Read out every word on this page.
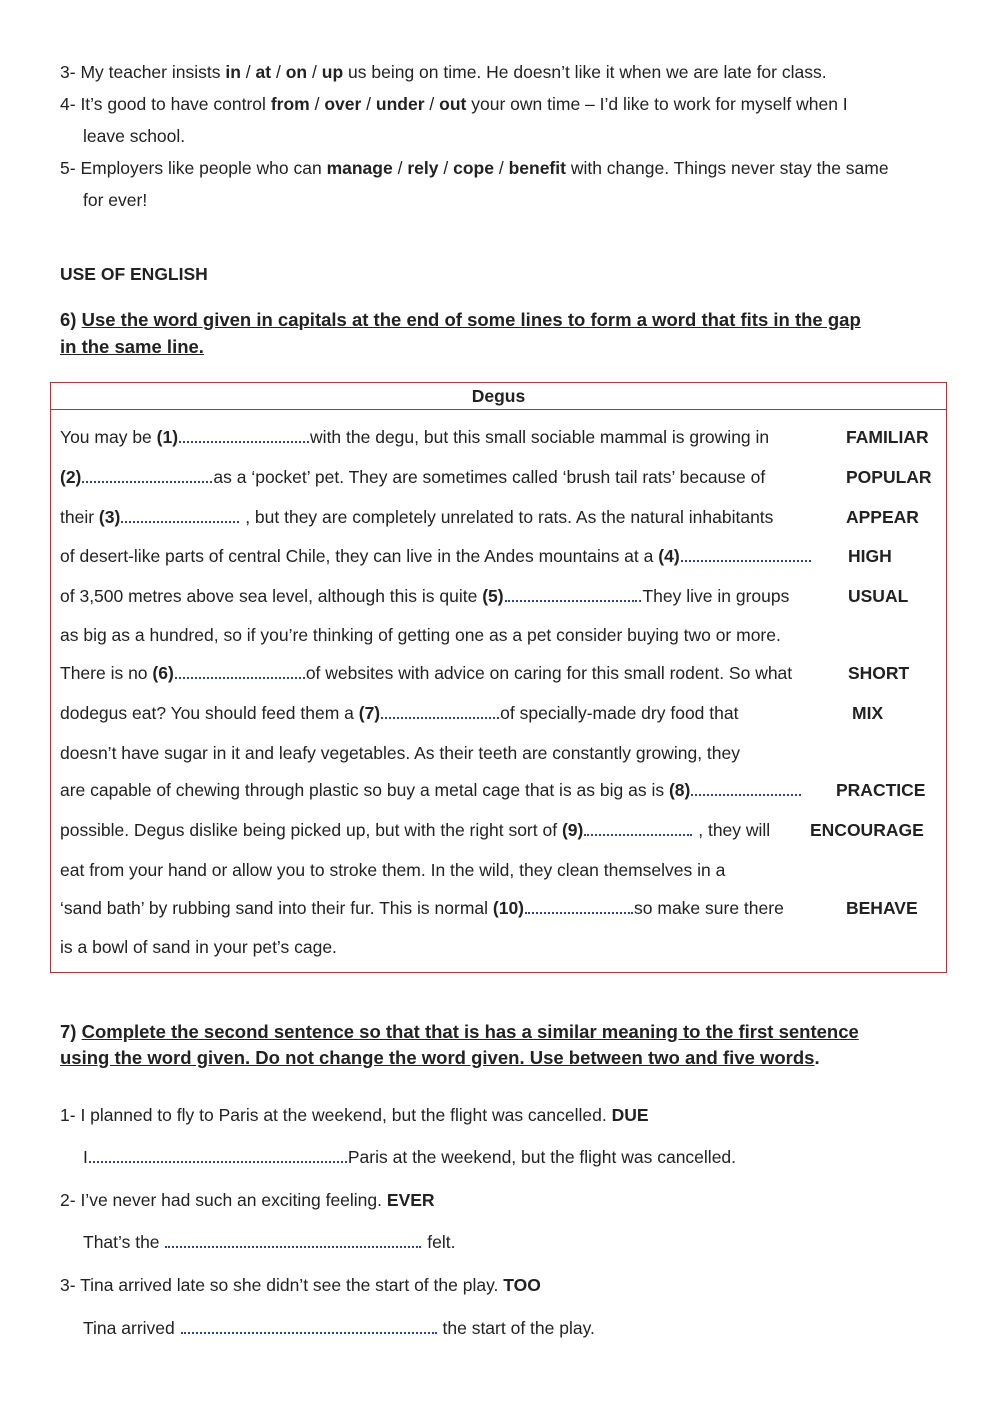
3- My teacher insists in / at / on / up us being on time. He doesn’t like it when we are late for class.
4- It’s good to have control from / over / under / out your own time – I’d like to work for myself when I
leave school.
5- Employers like people who can manage / rely / cope / benefit with change. Things never stay the same
for ever!
USE OF ENGLISH
6) Use the word given in capitals at the end of some lines to form a word that fits in the gap
in the same line.
Degus
You may be (1)	with the degu, but this small sociable mammal is growing in	FAMILIAR
(2)	as a ‘pocket’ pet. They are sometimes called ‘brush tail rats’ because of	POPULAR
their (3)	, but they are completely unrelated to rats. As the natural inhabitants	APPEAR
of desert-like parts of central Chile, they can live in the Andes mountains at a (4)	HIGH
of 3,500 metres above sea level, although this is quite (5)	.They live in groups	USUAL
as big as a hundred, so if you’re thinking of getting one as a pet consider buying two or more.
There is no (6)	of websites with advice on caring for this small rodent. So what	SHORT
dodegus eat? You should feed them a (7)	of specially-made dry food that	MIX
doesn’t have sugar in it and leafy vegetables. As their teeth are constantly growing, they
are capable of chewing through plastic so buy a metal cage that is as big as is (8)	PRACTICE
possible. Degus dislike being picked up, but with the right sort of (9)	, they will ENCOURAGE
eat from your hand or allow you to stroke them. In the wild, they clean themselves in a
‘sand bath’ by rubbing sand into their fur. This is normal (10)	so make sure there	BEHAVE
is a bowl of sand in your pet’s cage.
7) Complete the second sentence so that that is has a similar meaning to the first sentence
using the word given. Do not change the word given. Use between two and five words.
1- I planned to fly to Paris at the weekend, but the flight was cancelled. DUE
I	Paris at the weekend, but the flight was cancelled.
2- I’ve never had such an exciting feeling. EVER
That’s the	felt.
3- Tina arrived late so she didn’t see the start of the play. TOO
Tina arrived	the start of the play.
